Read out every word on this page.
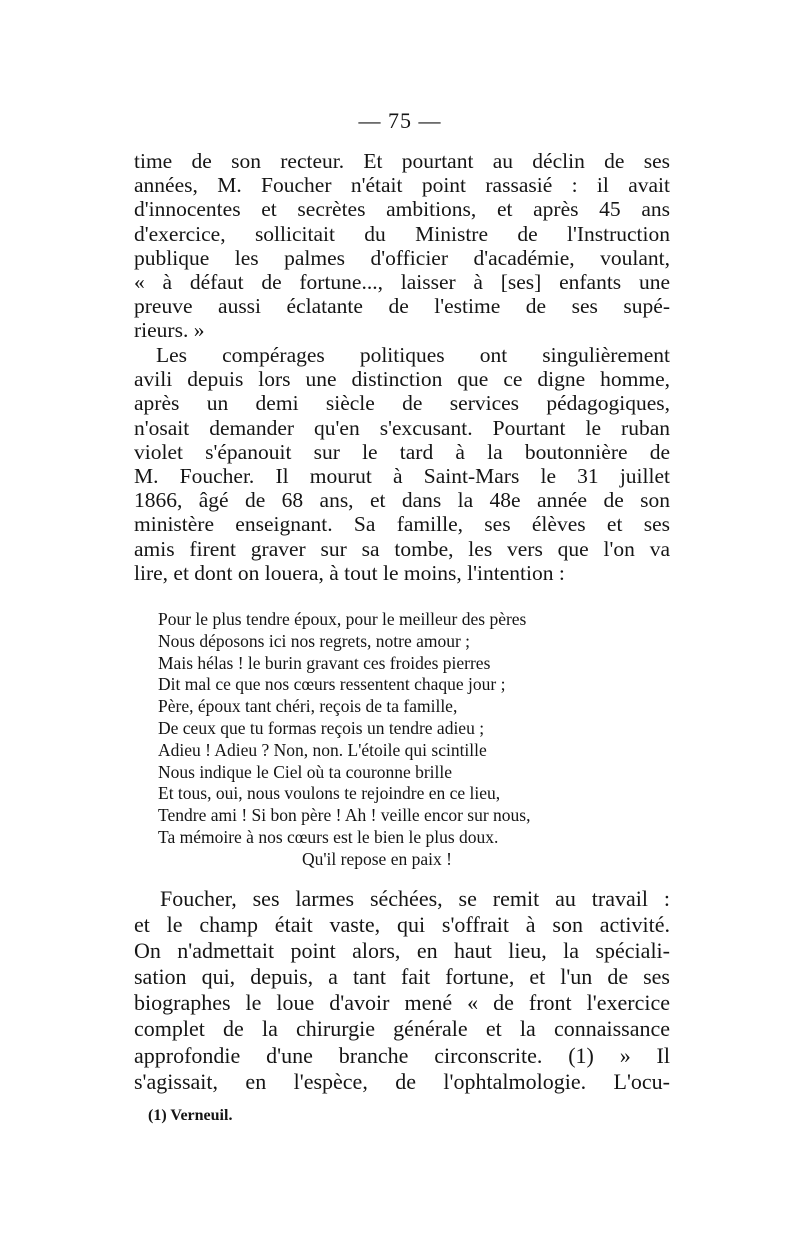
— 75 —
time de son recteur. Et pourtant au déclin de ses
années, M. Foucher n'était point rassasié : il avait
d'innocentes et secrètes ambitions, et après 45 ans
d'exercice, sollicitait du Ministre de l'Instruction
publique les palmes d'officier d'académie, voulant,
« à défaut de fortune..., laisser à [ses] enfants une
preuve aussi éclatante de l'estime de ses supé-
rieurs. »
Les compérages politiques ont singulièrement
avili depuis lors une distinction que ce digne homme,
après un demi siècle de services pédagogiques,
n'osait demander qu'en s'excusant. Pourtant le ruban
violet s'épanouit sur le tard à la boutonnière de
M. Foucher. Il mourut à Saint-Mars le 31 juillet
1866, âgé de 68 ans, et dans la 48e année de son
ministère enseignant. Sa famille, ses élèves et ses
amis firent graver sur sa tombe, les vers que l'on va
lire, et dont on louera, à tout le moins, l'intention :
Pour le plus tendre époux, pour le meilleur des pères
Nous déposons ici nos regrets, notre amour ;
Mais hélas ! le burin gravant ces froides pierres
Dit mal ce que nos cœurs ressentent chaque jour ;
Père, époux tant chéri, reçois de ta famille,
De ceux que tu formas reçois un tendre adieu ;
Adieu ! Adieu ? Non, non. L'étoile qui scintille
Nous indique le Ciel où ta couronne brille
Et tous, oui, nous voulons te rejoindre en ce lieu,
Tendre ami ! Si bon père ! Ah ! veille encor sur nous,
Ta mémoire à nos cœurs est le bien le plus doux.
Qu'il repose en paix !
Foucher, ses larmes séchées, se remit au travail :
et le champ était vaste, qui s'offrait à son activité.
On n'admettait point alors, en haut lieu, la spéciali-
sation qui, depuis, a tant fait fortune, et l'un de ses
biographes le loue d'avoir mené « de front l'exercice
complet de la chirurgie générale et la connaissance
approfondie d'une branche circonscrite. (1) » Il
s'agissait, en l'espèce, de l'ophtalmologie. L'ocu-
(1) Verneuil.
